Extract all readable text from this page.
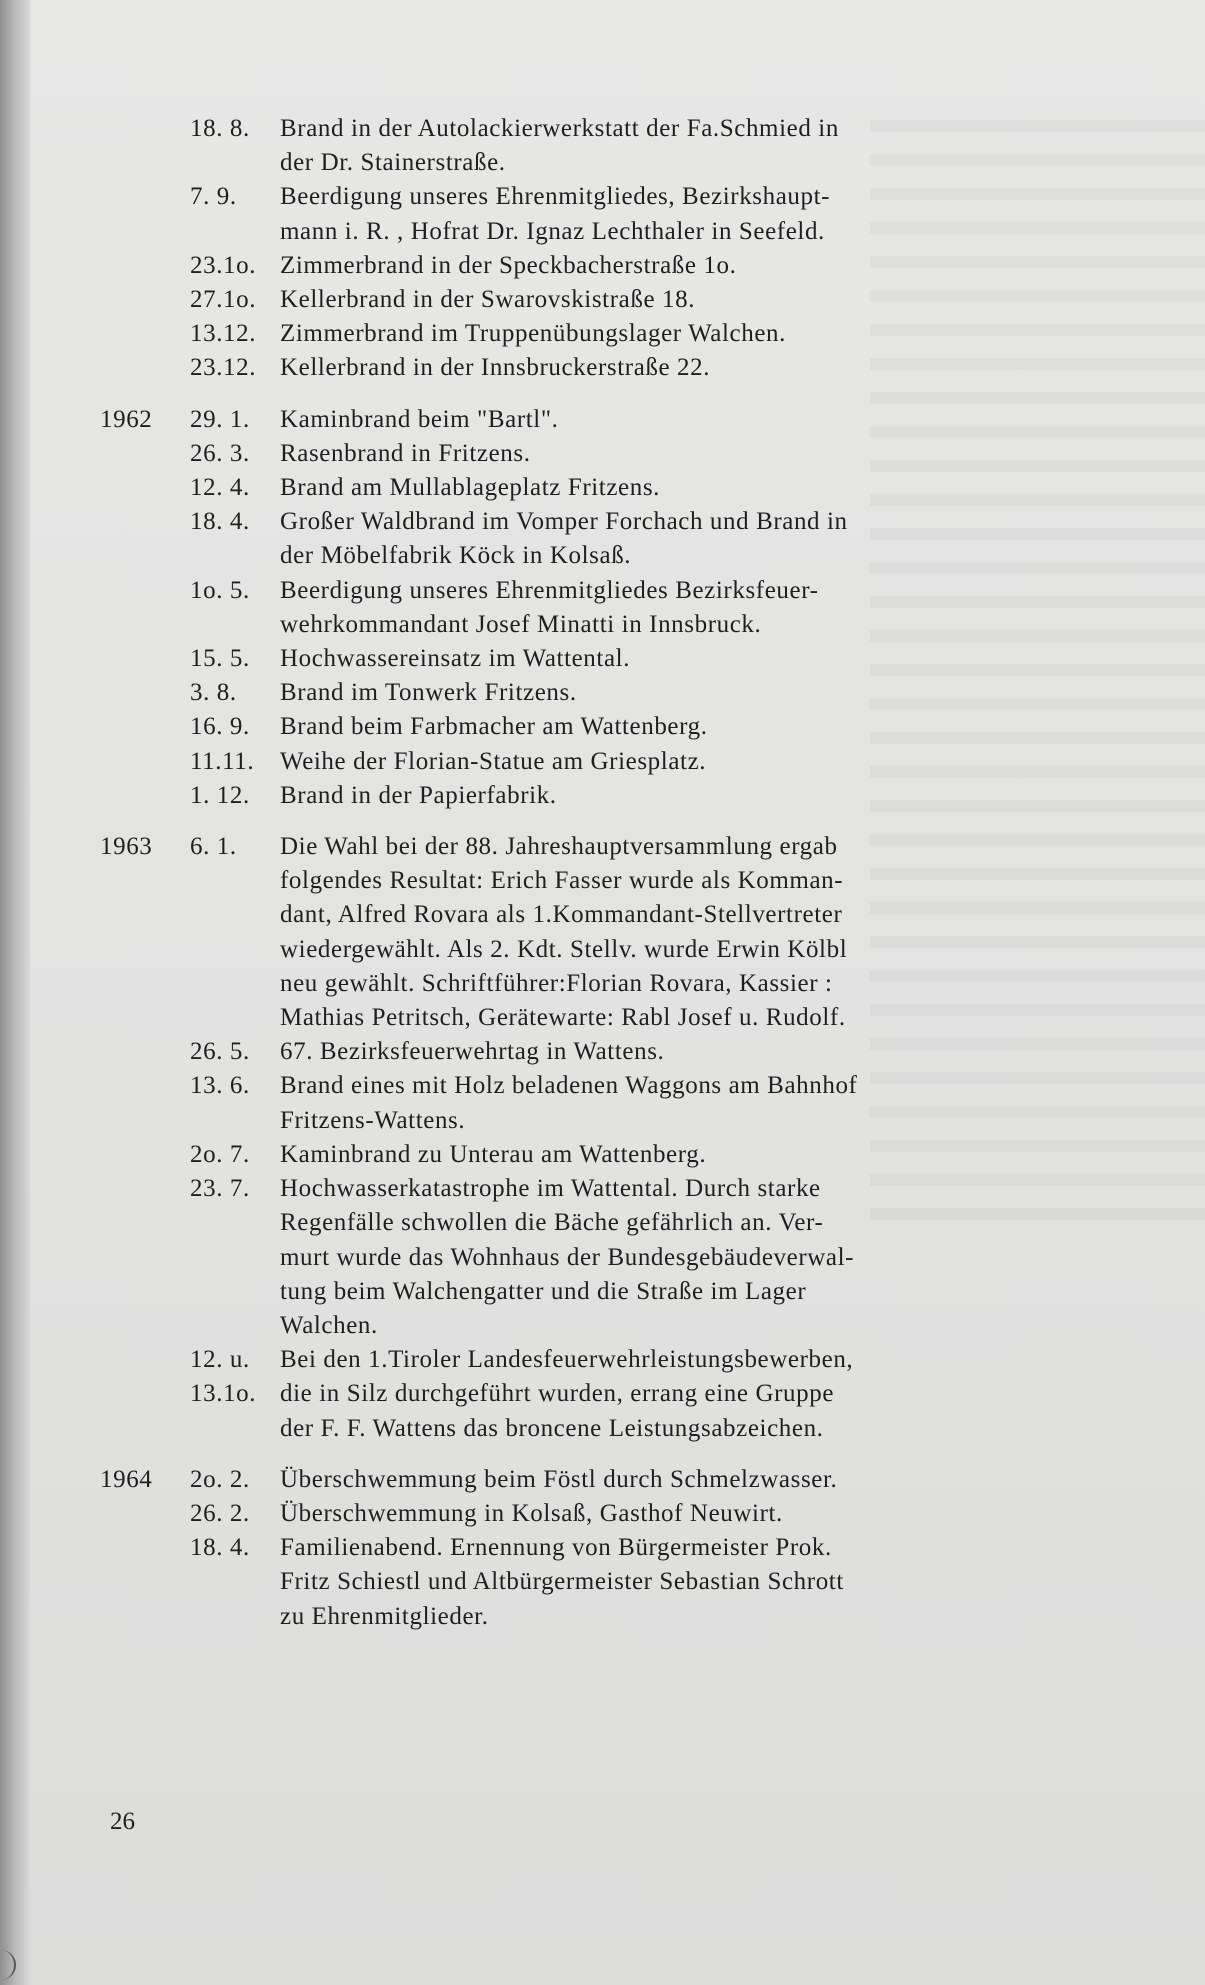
18. 8.	Brand in der Autolackierwerkstatt der Fa.Schmied in
der Dr. Stainerstraße.
7. 9.	Beerdigung unseres Ehrenmitgliedes, Bezirkshaupt-
mann i. R. , Hofrat Dr. Ignaz Lechthaler in Seefeld.
23.1o. Zimmerbrand in der Speckbacherstraße 1o.
27.1o. Kellerbrand in der Swarovskistraße 18.
13.12. Zimmerbrand im Truppenübungslager Walchen.
23.12. Kellerbrand in der Innsbruckerstraße 22.
1962	29. 1.	Kaminbrand beim "Bartl".
26. 3.	Rasenbrand in Fritzens.
12. 4.	Brand am Mullablageplatz Fritzens.
18. 4.	Großer Waldbrand im Vomper Forchach und Brand in
der Möbelfabrik Köck in Kolsaß.
1o. 5.	Beerdigung unseres Ehrenmitgliedes Bezirksfeuer-
wehrkommandant Josef Minatti in Innsbruck.
15. 5.	Hochwassereinsatz im Wattental.
3. 8.	Brand im Tonwerk Fritzens.
16. 9.	Brand beim Farbmacher am Wattenberg.
11.11.	Weihe der Florian-Statue am Griesplatz.
1. 12.	Brand in der Papierfabrik.
1963	6. 1.	Die Wahl bei der 88. Jahreshauptversammlung ergab
folgendes Resultat: Erich Fasser wurde als Komman-
dant, Alfred Rovara als 1.Kommandant-Stellvertreter
wiedergewählt. Als 2. Kdt. Stellv. wurde Erwin Kölbl
neu gewählt. Schriftführer:Florian Rovara, Kassier :
Mathias Petritsch, Gerätewarte: Rabl Josef u. Rudolf.
26. 5.	67. Bezirksfeuerwehrtag in Wattens.
13. 6.	Brand eines mit Holz beladenen Waggons am Bahnhof
Fritzens-Wattens.
2o. 7.	Kaminbrand zu Unterau am Wattenberg.
23. 7.	Hochwasserkatastrophe im Wattental. Durch starke
Regenfälle schwollen die Bäche gefährlich an. Ver-
murt wurde das Wohnhaus der Bundesgebäudeverwal-
tung beim Walchengatter und die Straße im Lager
Walchen.
12. u.	Bei den 1.Tiroler Landesfeuerwehrleistungsbewerben,
13.1o. die in Silz durchgeführt wurden, errang eine Gruppe
der F. F. Wattens das broncene Leistungsabzeichen.
1964	2o. 2.	Überschwemmung beim Föstl durch Schmelzwasser.
26. 2.	Überschwemmung in Kolsaß, Gasthof Neuwirt.
18. 4.	Familienabend. Ernennung von Bürgermeister Prok.
Fritz Schiestl und Altbürgermeister Sebastian Schrott
zu Ehrenmitglieder.
26
